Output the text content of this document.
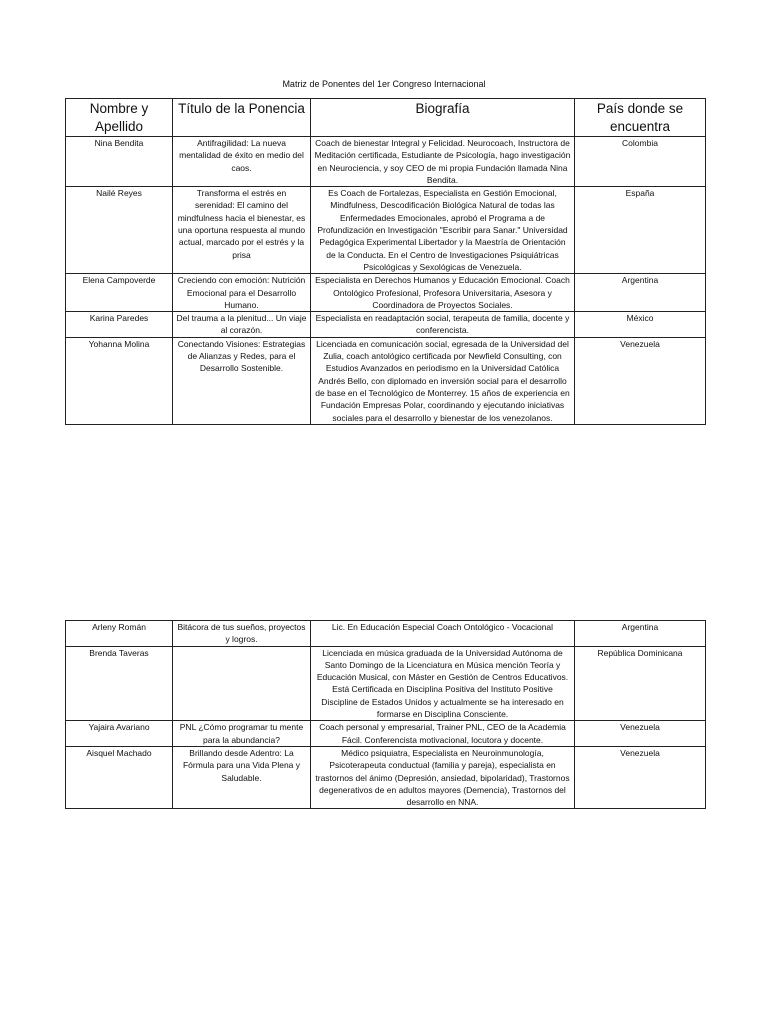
Matriz de Ponentes del 1er Congreso Internacional
Nombre y Apellido	Título de la Ponencia	Biografía	País donde se encuentra
Nina Bendita	Antifragilidad: La nueva mentalidad de éxito en medio del caos.	Coach de bienestar Integral y Felicidad. Neurocoach, Instructora de Meditación certificada, Estudiante de Psicología, hago investigación en Neurociencia, y soy CEO de mi propia Fundación llamada Nina Bendita.	Colombia
Nailé Reyes	Transforma el estrés en serenidad: El camino del mindfulness hacia el bienestar, es una oportuna respuesta al mundo actual, marcado por el estrés y la prisa	Es Coach de Fortalezas, Especialista en Gestión Emocional, Mindfulness, Descodificación Biológica Natural de todas las Enfermedades Emocionales, aprobó el Programa a de Profundización en Investigación "Escribir para Sanar." Universidad Pedagógica Experimental Libertador y la Maestría de Orientación de la Conducta. En el Centro de Investigaciones Psiquiátricas Psicológicas y Sexológicas de Venezuela.	España
Elena Campoverde	Creciendo con emoción: Nutrición Emocional para el Desarrollo Humano.	Especialista en Derechos Humanos y Educación Emocional. Coach Ontológico Profesional, Profesora Universitaria, Asesora y Coordinadora de Proyectos Sociales.	Argentina
Karina Paredes	Del trauma a la plenitud... Un viaje al corazón.	Especialista en readaptación social, terapeuta de familia, docente y conferencista.	México
Yohanna Molina	Conectando Visiones: Estrategias de Alianzas y Redes, para el Desarrollo Sostenible.	Licenciada en comunicación social, egresada de la Universidad del Zulia, coach antológico certificada por Newfield Consulting, con Estudios Avanzados en periodismo en la Universidad Católica Andrés Bello, con diplomado en inversión social para el desarrollo de base en el Tecnológico de Monterrey. 15 años de experiencia en Fundación Empresas Polar, coordinando y ejecutando iniciativas sociales para el desarrollo y bienestar de los venezolanos.	Venezuela
Arleny Román	Bitácora de tus sueños, proyectos y logros.	Lic. En Educación Especial Coach Ontológico - Vocacional	Argentina
Brenda Taveras		Licenciada en música graduada de la Universidad Autónoma de Santo Domingo de la Licenciatura en Música mención Teoría y Educación Musical, con Máster en Gestión de Centros Educativos. Está Certificada en Disciplina Positiva del Instituto Positive Discipline de Estados Unidos y actualmente se ha interesado en formarse en Disciplina Consciente.	República Dominicana
Yajaira Avariano	PNL ¿Cómo programar tu mente para la abundancia?	Coach personal y empresarial, Trainer PNL, CEO de la Academia Fácil. Conferencista motivacional, locutora y docente.	Venezuela
Aisquel Machado	Brillando desde Adentro: La Fórmula para una Vida Plena y Saludable.	Médico psiquiatra, Especialista en Neuroinmunología, Psicoterapeuta conductual (familia y pareja), especialista en trastornos del ánimo (Depresión, ansiedad, bipolaridad), Trastornos degenerativos de en adultos mayores (Demencia), Trastornos del desarrollo en NNA.	Venezuela
